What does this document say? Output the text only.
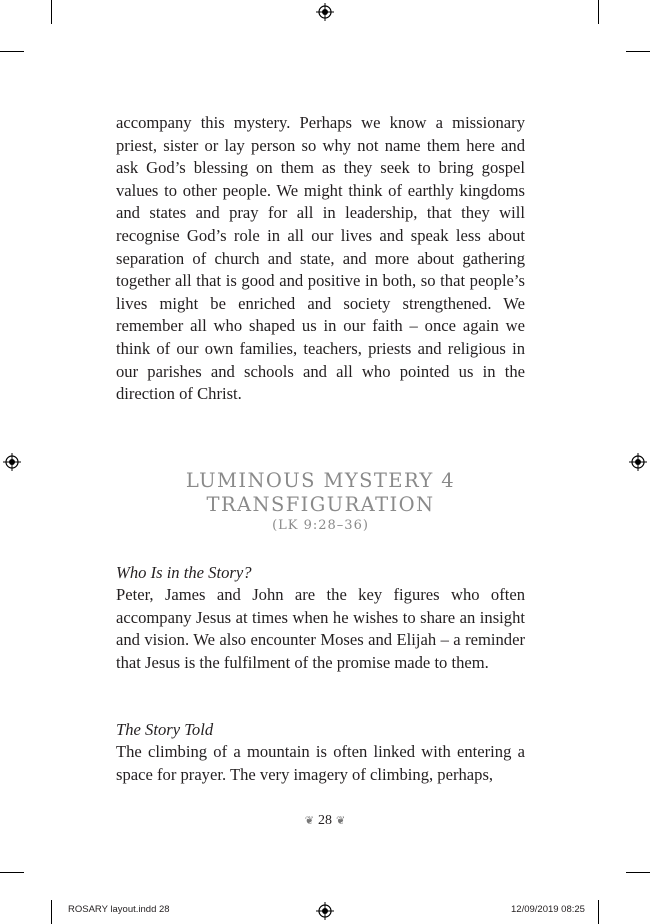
accompany this mystery. Perhaps we know a missionary priest, sister or lay person so why not name them here and ask God’s blessing on them as they seek to bring gospel values to other people. We might think of earthly kingdoms and states and pray for all in leadership, that they will recognise God’s role in all our lives and speak less about separation of church and state, and more about gathering together all that is good and positive in both, so that people’s lives might be enriched and society strengthened. We remember all who shaped us in our faith – once again we think of our own families, teachers, priests and religious in our parishes and schools and all who pointed us in the direction of Christ.

LUMINOUS MYSTERY 4
TRANSFIGURATION
(LK 9:28–36)
Who Is in the Story?

Peter, James and John are the key figures who often accompany Jesus at times when he wishes to share an insight and vision. We also encounter Moses and Elijah – a reminder that Jesus is the fulfilment of the promise made to them.

The Story Told

The climbing of a mountain is often linked with entering a space for prayer. The very imagery of climbing, perhaps,

❦ 28 ❦
ROSARY layout.indd 28	12/09/2019 08:25
